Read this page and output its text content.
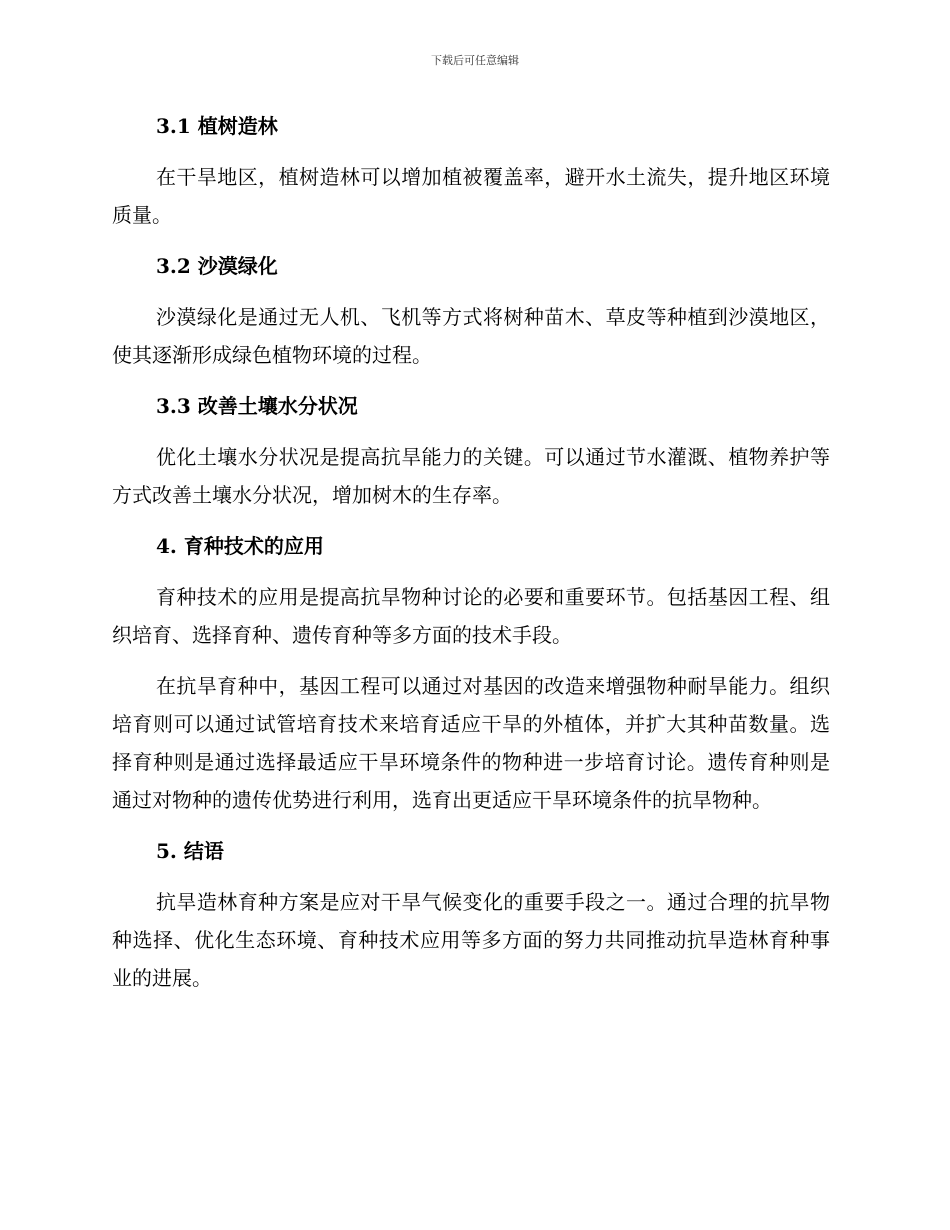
下载后可任意编辑
3.1 植树造林

在干旱地区，植树造林可以增加植被覆盖率，避开水土流失，提升地区环境质量。

3.2 沙漠绿化

沙漠绿化是通过无人机、飞机等方式将树种苗木、草皮等种植到沙漠地区，使其逐渐形成绿色植物环境的过程。

3.3 改善土壤水分状况

优化土壤水分状况是提高抗旱能力的关键。可以通过节水灌溉、植物养护等方式改善土壤水分状况，增加树木的生存率。

4. 育种技术的应用

育种技术的应用是提高抗旱物种讨论的必要和重要环节。包括基因工程、组织培育、选择育种、遗传育种等多方面的技术手段。

在抗旱育种中，基因工程可以通过对基因的改造来增强物种耐旱能力。组织培育则可以通过试管培育技术来培育适应干旱的外植体，并扩大其种苗数量。选择育种则是通过选择最适应干旱环境条件的物种进一步培育讨论。遗传育种则是通过对物种的遗传优势进行利用，选育出更适应干旱环境条件的抗旱物种。

5. 结语

抗旱造林育种方案是应对干旱气候变化的重要手段之一。通过合理的抗旱物种选择、优化生态环境、育种技术应用等多方面的努力共同推动抗旱造林育种事业的进展。
